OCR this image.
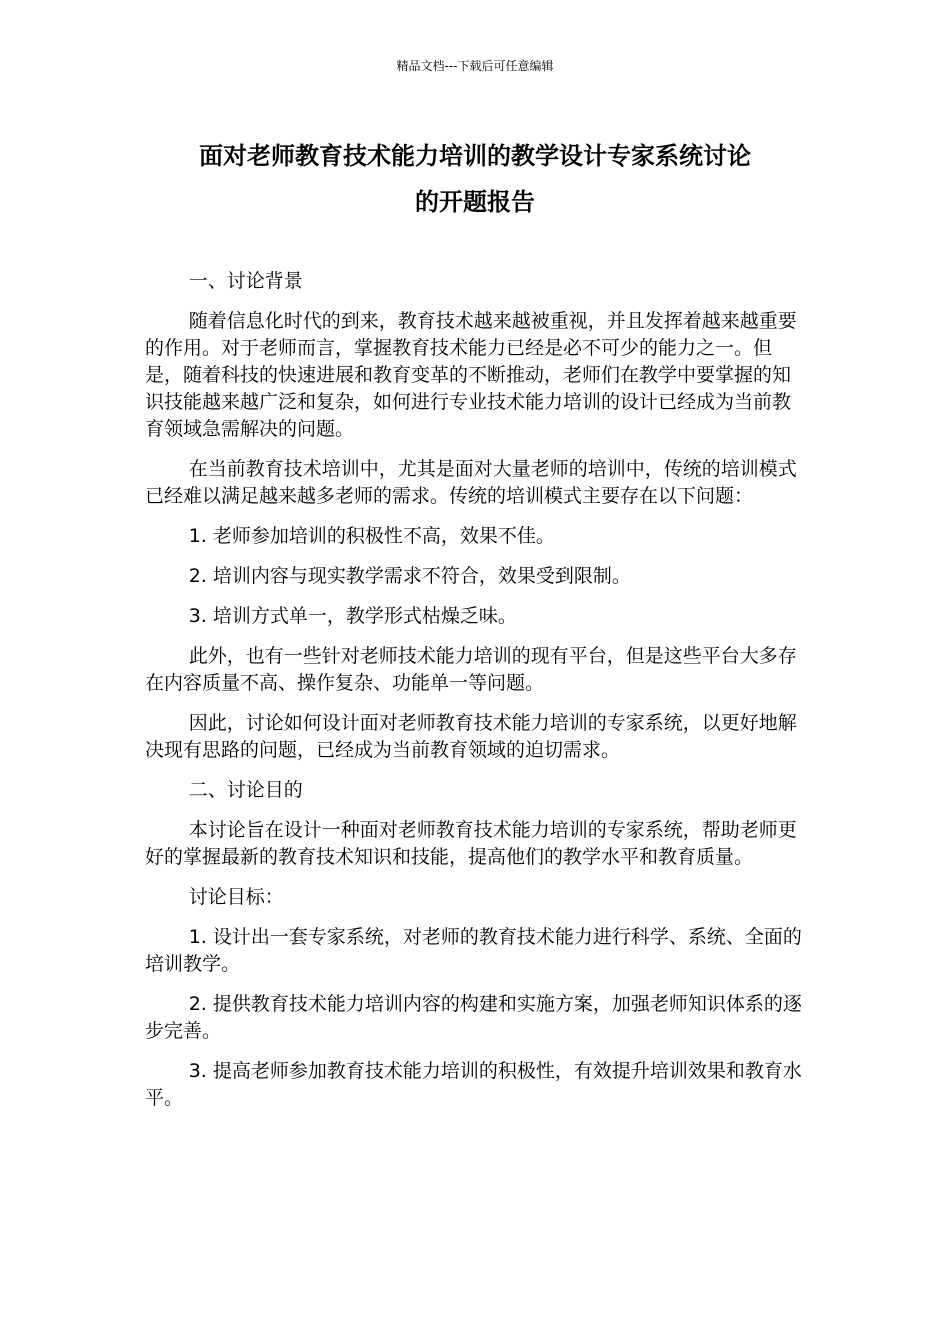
精品文档---下载后可任意编辑
面对老师教育技术能力培训的教学设计专家系统讨论
的开题报告

一、讨论背景

随着信息化时代的到来，教育技术越来越被重视，并且发挥着越来越重要的作用。对于老师而言，掌握教育技术能力已经是必不可少的能力之一。但是，随着科技的快速进展和教育变革的不断推动，老师们在教学中要掌握的知识技能越来越广泛和复杂，如何进行专业技术能力培训的设计已经成为当前教育领域急需解决的问题。

在当前教育技术培训中，尤其是面对大量老师的培训中，传统的培训模式已经难以满足越来越多老师的需求。传统的培训模式主要存在以下问题：

1. 老师参加培训的积极性不高，效果不佳。

2. 培训内容与现实教学需求不符合，效果受到限制。

3. 培训方式单一，教学形式枯燥乏味。

此外，也有一些针对老师技术能力培训的现有平台，但是这些平台大多存在内容质量不高、操作复杂、功能单一等问题。

因此，讨论如何设计面对老师教育技术能力培训的专家系统，以更好地解决现有思路的问题，已经成为当前教育领域的迫切需求。

二、讨论目的

本讨论旨在设计一种面对老师教育技术能力培训的专家系统，帮助老师更好的掌握最新的教育技术知识和技能，提高他们的教学水平和教育质量。

讨论目标：

1. 设计出一套专家系统，对老师的教育技术能力进行科学、系统、全面的培训教学。

2. 提供教育技术能力培训内容的构建和实施方案，加强老师知识体系的逐步完善。

3. 提高老师参加教育技术能力培训的积极性，有效提升培训效果和教育水平。
